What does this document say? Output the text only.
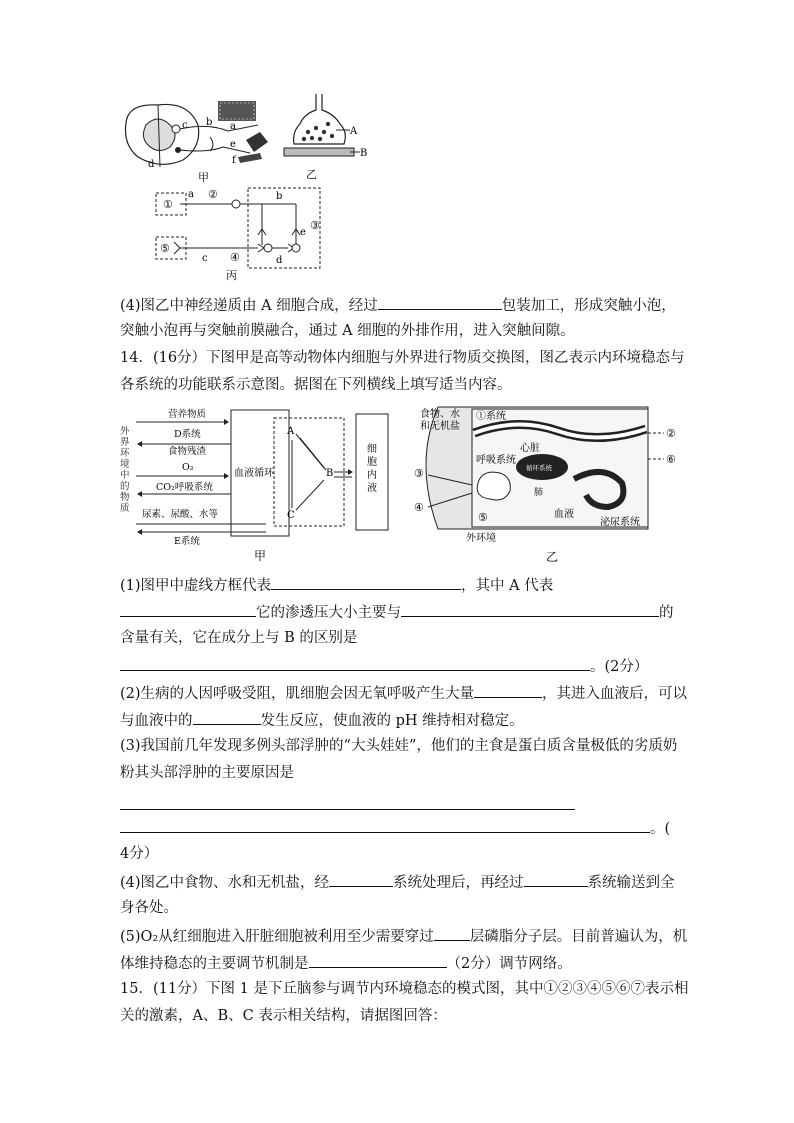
a
b
c
d
e
f
甲
A
B
乙
①
a ②	b
e
③
⑤
c ④	d
丙
(4)图乙中神经递质由 A 细胞合成，经过	包装加工，形成突触小泡，
突触小泡再与突触前膜融合，通过 A 细胞的外排作用，进入突触间隙。
14．(16分）下图甲是高等动物体内细胞与外界进行物质交换图，图乙表示内环境稳态与
各系统的功能联系示意图。据图在下列横线上填写适当内容。
外界环境中的物质
血液循环
营养物质
D系统
食物残渣
O₂
CO₂呼吸系统
尿素、尿酸、水等
E系统
A
B
C
细胞内液
甲
食物、水和无机盐
①系统
心脏
循环系统
呼吸系统
肺
血液
泌尿系统
外环境
②
⑥
③
④
⑤
乙
(1)图甲中虚线方框代表	，其中 A 代表
它的渗透压大小主要与	的
含量有关，它在成分上与 B 的区别是
。(2分）
(2)生病的人因呼吸受阻，肌细胞会因无氧呼吸产生大量	，其进入血液后，可以
与血液中的	发生反应，使血液的 pH 维持相对稳定。
(3)我国前几年发现多例头部浮肿的“大头娃娃”，他们的主食是蛋白质含量极低的劣质奶
粉其头部浮肿的主要原因是
。(
4分）
(4)图乙中食物、水和无机盐，经	系统处理后，再经过	系统输送到全
身各处。
(5)O₂从红细胞进入肝脏细胞被利用至少需要穿过 层磷脂分子层。目前普遍认为，机
体维持稳态的主要调节机制是	（2分）调节网络。
15．(11分）下图 1 是下丘脑参与调节内环境稳态的模式图，其中①②③④⑤⑥⑦表示相
关的激素，A、B、C 表示相关结构，请据图回答：
